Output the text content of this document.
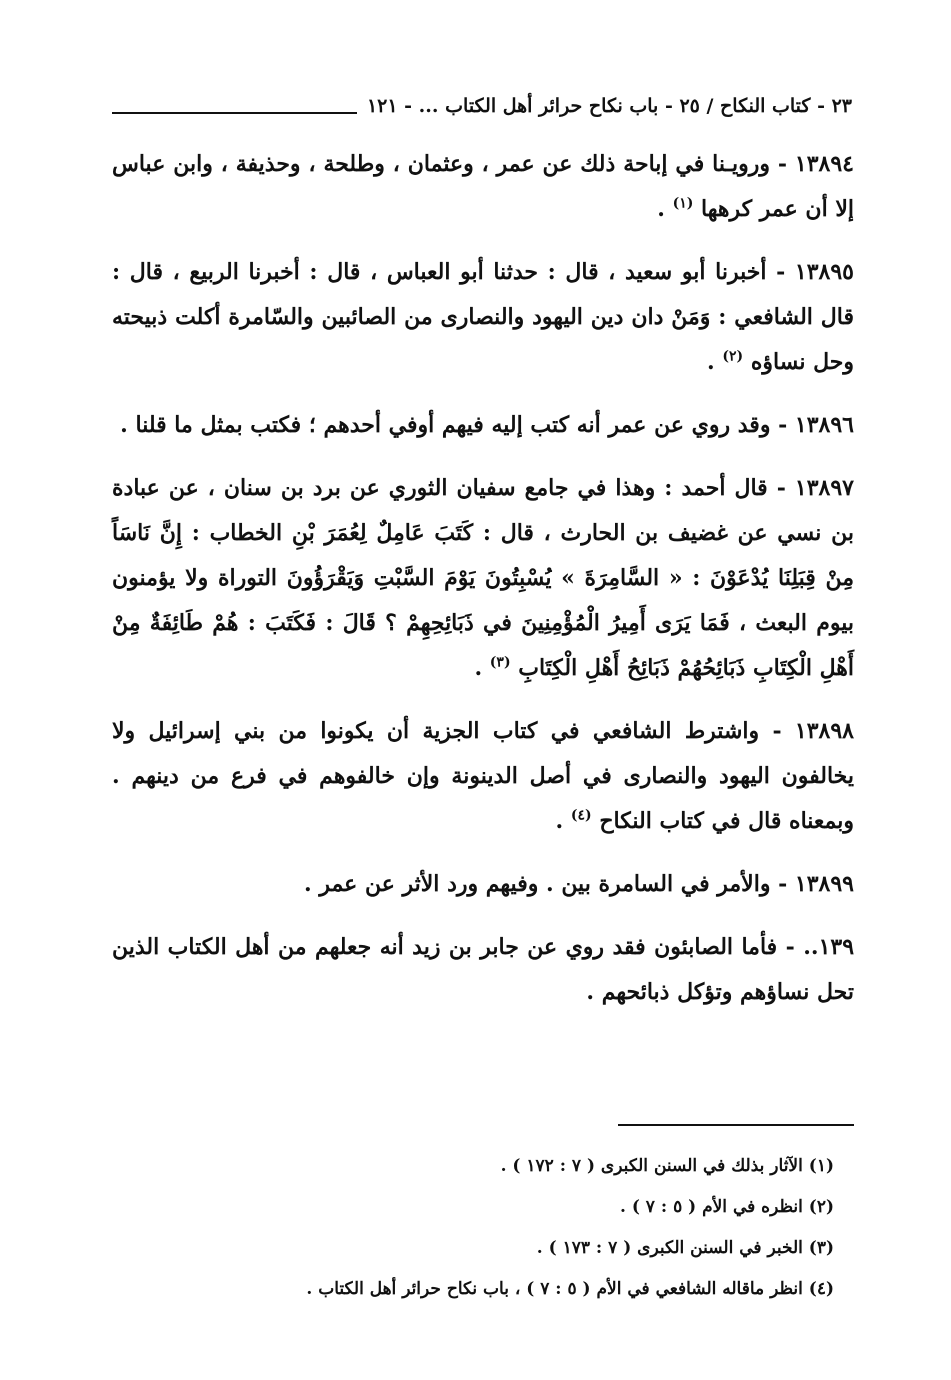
٢٣ - كتاب النكاح / ٢٥ - باب نكاح حرائر أهل الكتاب ... - ١٢١

١٣٨٩٤ - ورويـنا في إباحة ذلك عن عمر ، وعثمان ، وطلحة ، وحذيفة ، وابن عباس إلا أن عمر كرهها $^{(١)}$ .

١٣٨٩٥ - أخبرنا أبو سعيد ، قال : حدثنا أبو العباس ، قال : أخبرنا الربيع ، قال : قال الشافعي : وَمَنْ دان دين اليهود والنصارى من الصائبين والسّامرة أكلت ذبيحته وحل نساؤه $^{(٢)}$ .

١٣٨٩٦ - وقد روي عن عمر أنه كتب إليه فيهم أوفي أحدهم ؛ فكتب بمثل ما قلنا .

١٣٨٩٧ - قال أحمد : وهذا في جامع سفيان الثوري عن برد بن سنان ، عن عبادة بن نسي عن غضيف بن الحارث ، قال : كَتَبَ عَامِلٌ لِعُمَرَ بْنِ الخطاب : إِنَّ نَاسَاً مِنْ قِبَلِنَا يُدْعَوْنَ : « السَّامِرَةَ » يُسْبِتُونَ يَوْمَ السَّبْتِ وَيَقْرَؤُونَ التوراة ولا يؤمنون بيوم البعث ، فَمَا يَرَى أَمِيرُ الْمُؤْمِنِينَ في ذَبَائِحِهِمْ ؟ قَالَ : فَكَتَبَ : هُمْ طَائِفَةٌ مِنْ أَهْلِ الْكِتَابِ ذَبَائِحُهُمْ ذَبَائِحُ أَهْلِ الْكِتَابِ $^{(٣)}$ .

١٣٨٩٨ - واشترط الشافعي في كتاب الجزية أن يكونوا من بني إسرائيل ولا يخالفون اليهود والنصارى في أصل الدينونة وإن خالفوهم في فرع من دينهم . وبمعناه قال في كتاب النكاح $^{(٤)}$ .

١٣٨٩٩ - والأمر في السامرة بين . وفيهم ورد الأثر عن عمر .

١٣٩.. - فأما الصابئون فقد روي عن جابر بن زيد أنه جعلهم من أهل الكتاب الذين تحل نساؤهم وتؤكل ذبائحهم .

(١) الآثار بذلك في السنن الكبرى ( ٧ : ١٧٢ ) .

(٢) انظره في الأم ( ٥ : ٧ ) .

(٣) الخبر في السنن الكبرى ( ٧ : ١٧٣ ) .

(٤) انظر ماقاله الشافعي في الأم ( ٥ : ٧ ) ، باب نكاح حرائر أهل الكتاب .
